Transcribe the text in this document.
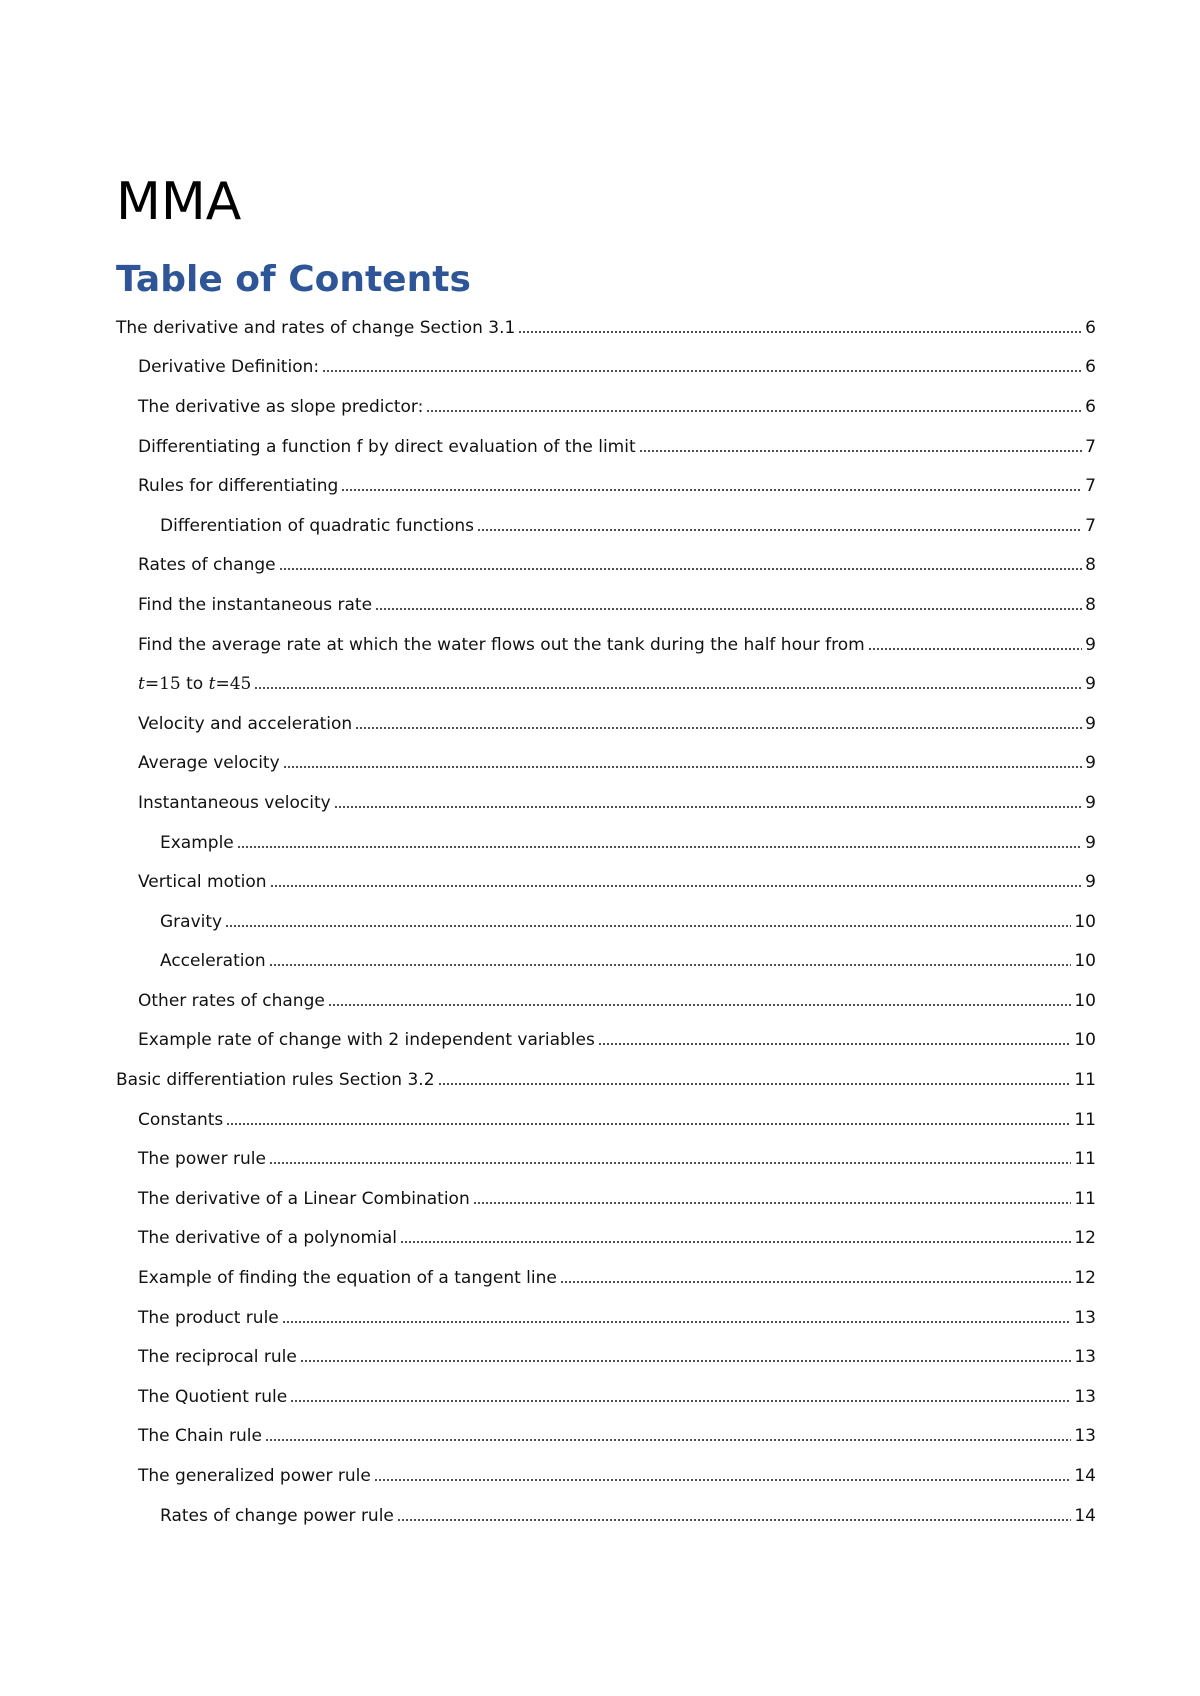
MMA
Table of Contents
The derivative and rates of change Section 3.1	6
Derivative Definition:	6
The derivative as slope predictor:	6
Differentiating a function f by direct evaluation of the limit	7
Rules for differentiating	7
Differentiation of quadratic functions	7
Rates of change	8
Find the instantaneous rate	8
Find the average rate at which the water flows out the tank during the half hour from	9
t=15 to t=45	9
Velocity and acceleration	9
Average velocity	9
Instantaneous velocity	9
Example	9
Vertical motion	9
Gravity	10
Acceleration	10
Other rates of change	10
Example rate of change with 2 independent variables	10
Basic differentiation rules Section 3.2	11
Constants	11
The power rule	11
The derivative of a Linear Combination	11
The derivative of a polynomial	12
Example of finding the equation of a tangent line	12
The product rule	13
The reciprocal rule	13
The Quotient rule	13
The Chain rule	13
The generalized power rule	14
Rates of change power rule	14
